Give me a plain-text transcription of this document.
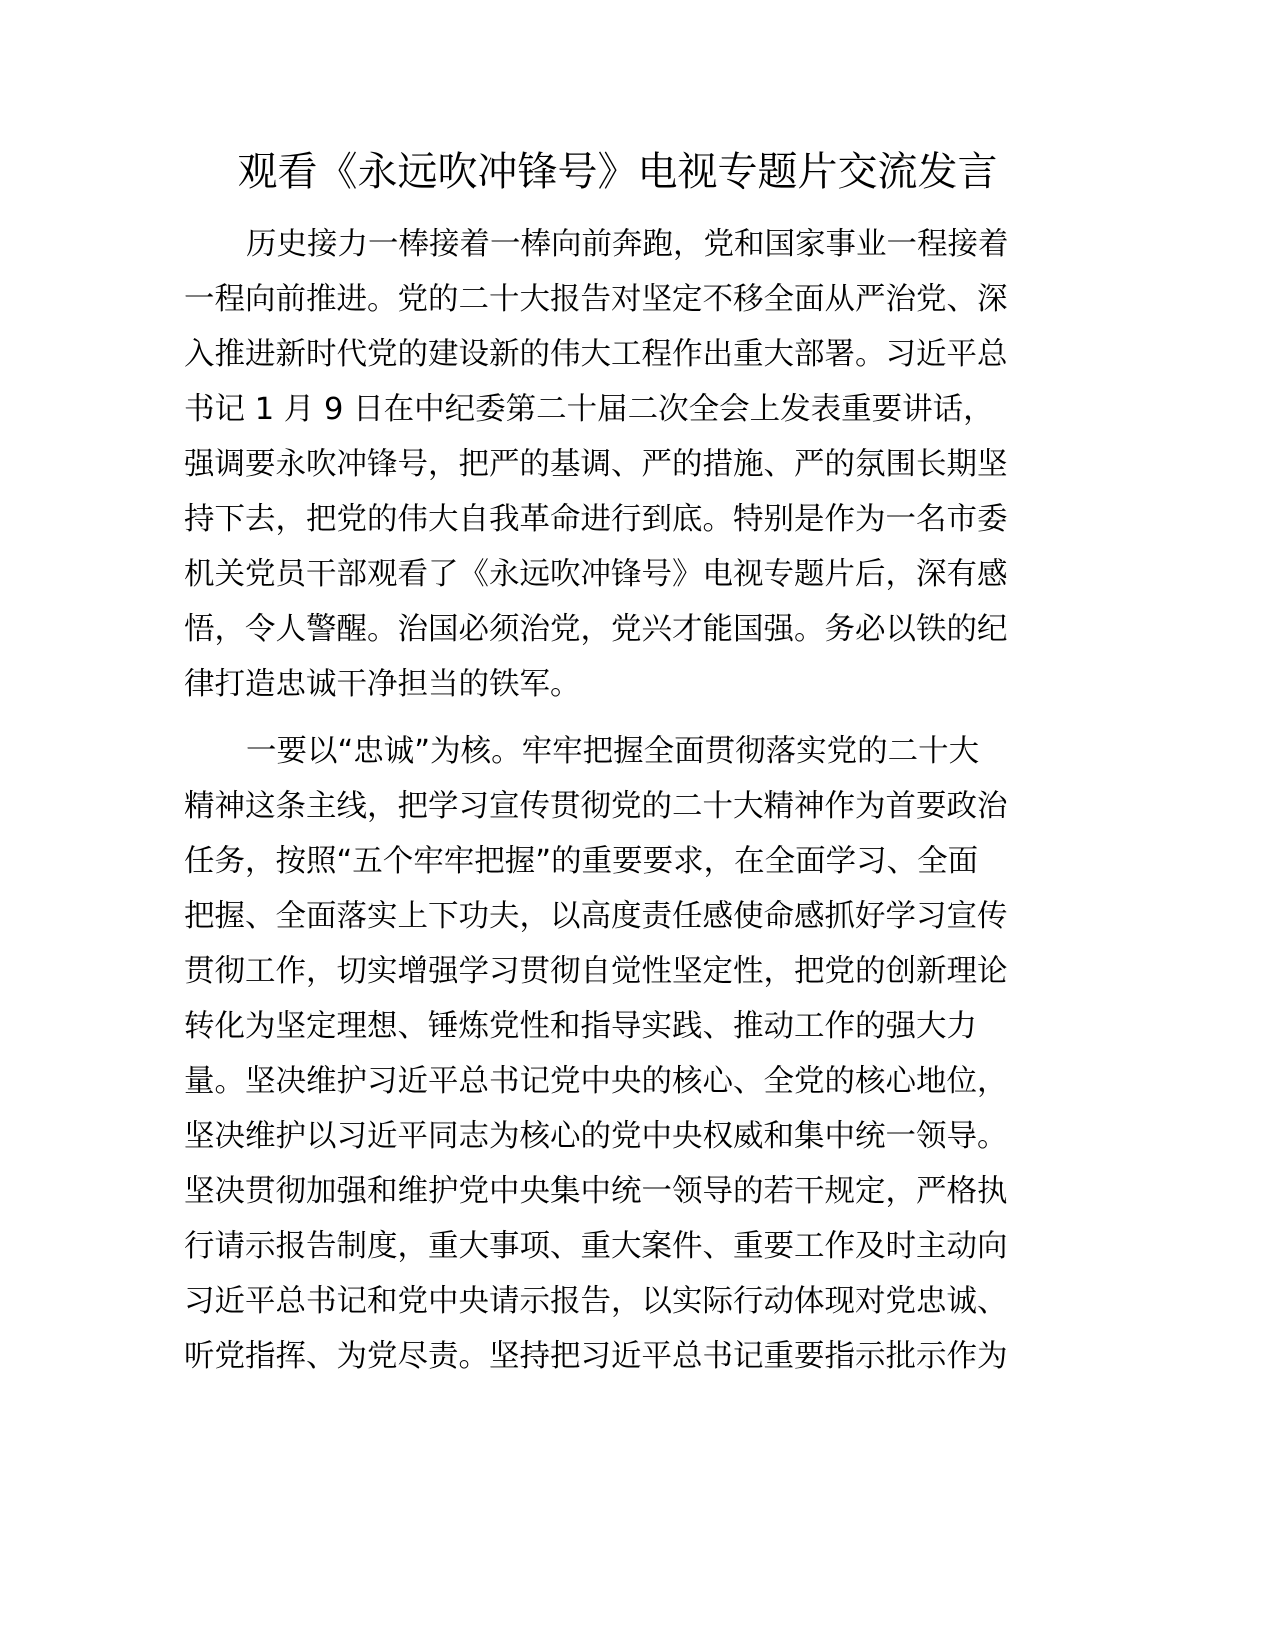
观看《永远吹冲锋号》电视专题片交流发言

历史接力一棒接着一棒向前奔跑，党和国家事业一程接着

一程向前推进。党的二十大报告对坚定不移全面从严治党、深

入推进新时代党的建设新的伟大工程作出重大部署。习近平总

书记 1 月 9 日在中纪委第二十届二次全会上发表重要讲话，

强调要永吹冲锋号，把严的基调、严的措施、严的氛围长期坚

持下去，把党的伟大自我革命进行到底。特别是作为一名市委

机关党员干部观看了《永远吹冲锋号》电视专题片后，深有感

悟，令人警醒。治国必须治党，党兴才能国强。务必以铁的纪

律打造忠诚干净担当的铁军。

一要以“忠诚”为核。牢牢把握全面贯彻落实党的二十大

精神这条主线，把学习宣传贯彻党的二十大精神作为首要政治

任务，按照“五个牢牢把握”的重要要求，在全面学习、全面

把握、全面落实上下功夫，以高度责任感使命感抓好学习宣传

贯彻工作，切实增强学习贯彻自觉性坚定性，把党的创新理论

转化为坚定理想、锤炼党性和指导实践、推动工作的强大力

量。坚决维护习近平总书记党中央的核心、全党的核心地位，

坚决维护以习近平同志为核心的党中央权威和集中统一领导。

坚决贯彻加强和维护党中央集中统一领导的若干规定，严格执

行请示报告制度，重大事项、重大案件、重要工作及时主动向

习近平总书记和党中央请示报告，以实际行动体现对党忠诚、

听党指挥、为党尽责。坚持把习近平总书记重要指示批示作为
